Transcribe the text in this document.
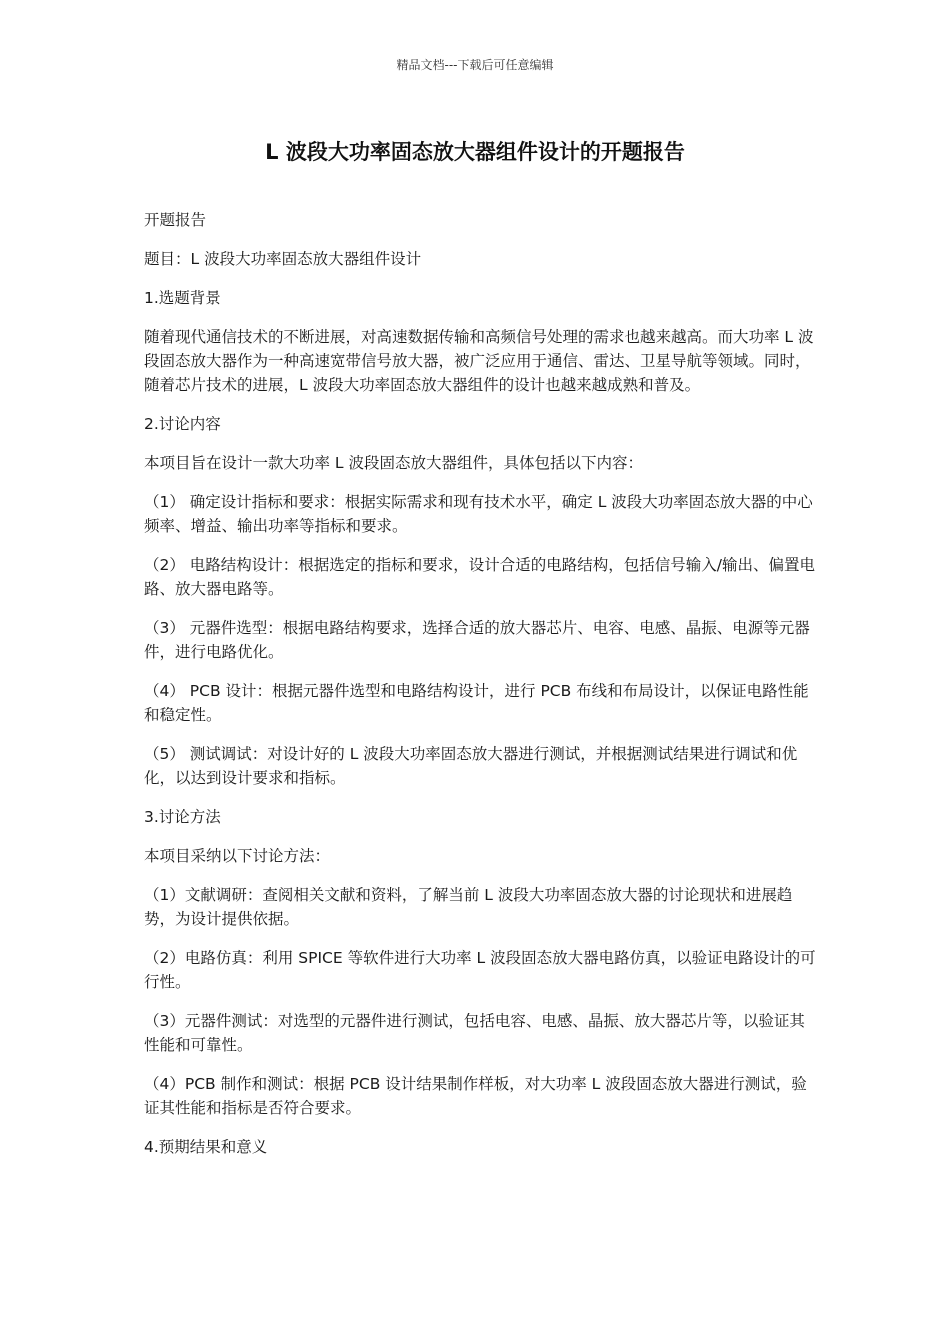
精品文档---下载后可任意编辑
L 波段大功率固态放大器组件设计的开题报告

开题报告

题目：L 波段大功率固态放大器组件设计

1.选题背景

随着现代通信技术的不断进展，对高速数据传输和高频信号处理的需求也越来越高。而大功率 L 波段固态放大器作为一种高速宽带信号放大器，被广泛应用于通信、雷达、卫星导航等领域。同时，随着芯片技术的进展，L 波段大功率固态放大器组件的设计也越来越成熟和普及。

2.讨论内容

本项目旨在设计一款大功率 L 波段固态放大器组件，具体包括以下内容：

（1） 确定设计指标和要求：根据实际需求和现有技术水平，确定 L 波段大功率固态放大器的中心频率、增益、输出功率等指标和要求。

（2） 电路结构设计：根据选定的指标和要求，设计合适的电路结构，包括信号输入/输出、偏置电路、放大器电路等。

（3） 元器件选型：根据电路结构要求，选择合适的放大器芯片、电容、电感、晶振、电源等元器件，进行电路优化。

（4） PCB 设计：根据元器件选型和电路结构设计，进行 PCB 布线和布局设计，以保证电路性能和稳定性。

（5） 测试调试：对设计好的 L 波段大功率固态放大器进行测试，并根据测试结果进行调试和优化，以达到设计要求和指标。

3.讨论方法

本项目采纳以下讨论方法：

（1）文献调研：查阅相关文献和资料，了解当前 L 波段大功率固态放大器的讨论现状和进展趋势，为设计提供依据。

（2）电路仿真：利用 SPICE 等软件进行大功率 L 波段固态放大器电路仿真，以验证电路设计的可行性。

（3）元器件测试：对选型的元器件进行测试，包括电容、电感、晶振、放大器芯片等，以验证其性能和可靠性。

（4）PCB 制作和测试：根据 PCB 设计结果制作样板，对大功率 L 波段固态放大器进行测试，验证其性能和指标是否符合要求。

4.预期结果和意义
